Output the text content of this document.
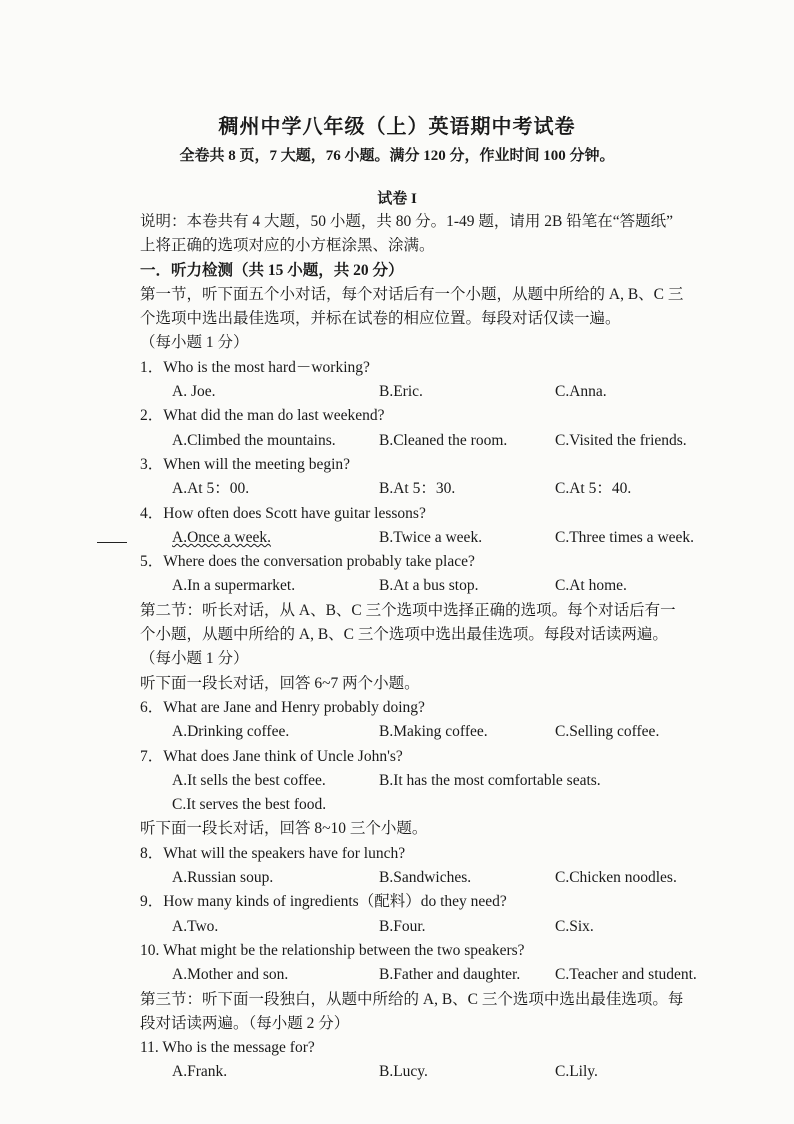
稠州中学八年级（上）英语期中考试卷
全卷共 8 页，7 大题，76 小题。满分 120 分，作业时间 100 分钟。
试卷 I
说明：本卷共有 4 大题，50 小题，共 80 分。1-49 题，请用 2B 铅笔在“答题纸”
上将正确的选项对应的小方框涂黑、涂满。
一．听力检测（共 15 小题，共 20 分）
第一节，听下面五个小对话，每个对话后有一个小题，从题中所给的 A, B、C 三
个选项中选出最佳选项，并标在试卷的相应位置。每段对话仅读一遍。
（每小题 1 分）
1．Who is the most hard－working?
A. Joe.	B.Eric.	C.Anna.
2．What did the man do last weekend?
A.Climbed the mountains.	B.Cleaned the room.	C.Visited the friends.
3．When will the meeting begin?
A.At 5：00.	B.At 5：30.	C.At 5：40.
4．How often does Scott have guitar lessons?
A.Once a week.	B.Twice a week.	C.Three times a week.
5．Where does the conversation probably take place?
A.In a supermarket.	B.At a bus stop.	C.At home.
第二节：听长对话，从 A、B、C 三个选项中选择正确的选项。每个对话后有一
个小题，从题中所给的 A, B、C 三个选项中选出最佳选项。每段对话读两遍。
（每小题 1 分）
听下面一段长对话，回答 6~7 两个小题。
6．What are Jane and Henry probably doing?
A.Drinking coffee.	B.Making coffee.	C.Selling coffee.
7．What does Jane think of Uncle John's?
A.It sells the best coffee.	B.It has the most comfortable seats.
C.It serves the best food.
听下面一段长对话，回答 8~10 三个小题。
8．What will the speakers have for lunch?
A.Russian soup.	B.Sandwiches.	C.Chicken noodles.
9．How many kinds of ingredients（配料）do they need?
A.Two.	B.Four.	C.Six.
10. What might be the relationship between the two speakers?
A.Mother and son.	B.Father and daughter.	C.Teacher and student.
第三节：听下面一段独白，从题中所给的 A, B、C 三个选项中选出最佳选项。每
段对话读两遍。（每小题 2 分）
11. Who is the message for?
A.Frank.	B.Lucy.	C.Lily.
